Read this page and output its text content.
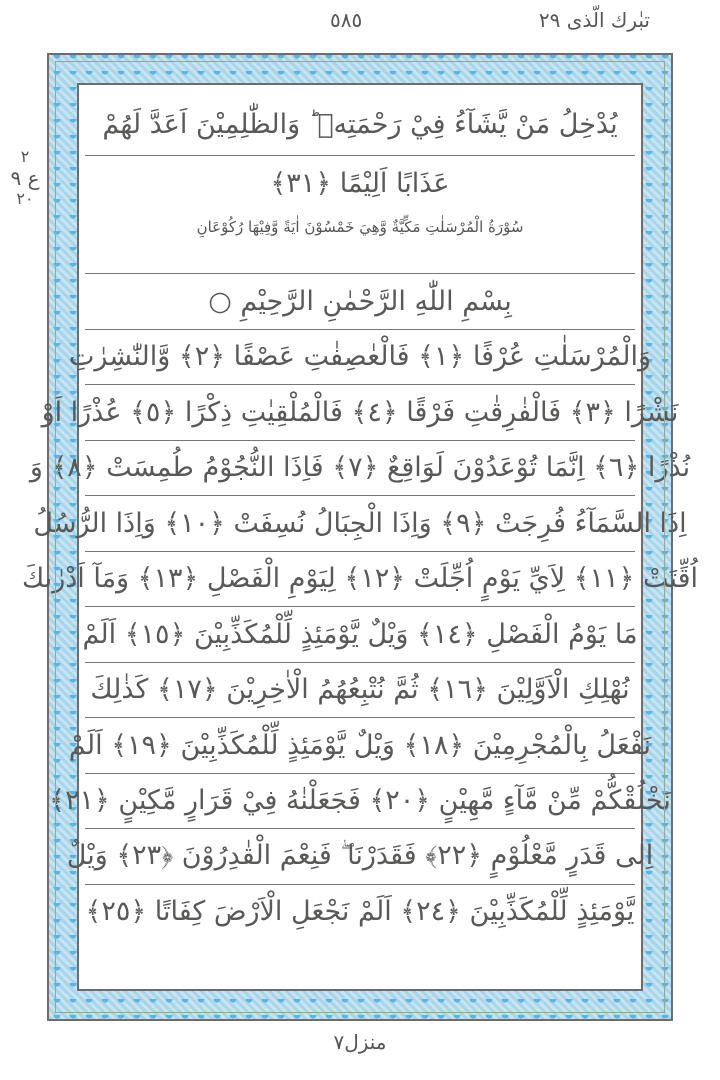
تبٰرك الّذى ٢٩
٥٨٥
٢
ع ٩
٢٠
يُدْخِلُ مَنْ يَّشَآءُ فِيْ رَحْمَتِهٖ ؕ وَالظّٰلِمِيْنَ اَعَدَّ لَهُمْ
عَذَابًا اَلِيْمًا ﴿٣١﴾
سُوْرَةُ الْمُرْسَلٰتِ مَكِّيَّةٌ وَّهِيَ خَمْسُوْنَ اٰيَةً وَّفِيْهَا رُكُوْعَانِ
بِسْمِ اللّٰهِ الرَّحْمٰنِ الرَّحِيْمِ ○
وَالْمُرْسَلٰتِ عُرْفًا ﴿١﴾ فَالْعٰصِفٰتِ عَصْفًا ﴿٢﴾ وَّالنّٰشِرٰتِ
نَشْرًا ﴿٣﴾ فَالْفٰرِقٰتِ فَرْقًا ﴿٤﴾ فَالْمُلْقِيٰتِ ذِكْرًا ﴿٥﴾ عُذْرًا اَوْ
نُذْرًا ﴿٦﴾ اِنَّمَا تُوْعَدُوْنَ لَوَاقِعٌ ﴿٧﴾ فَاِذَا النُّجُوْمُ طُمِسَتْ ﴿٨﴾ وَ
اِذَا السَّمَآءُ فُرِجَتْ ﴿٩﴾ وَاِذَا الْجِبَالُ نُسِفَتْ ﴿١٠﴾ وَاِذَا الرُّسُلُ
اُقِّتَتْ ﴿١١﴾ لِاَيِّ يَوْمٍ اُجِّلَتْ ﴿١٢﴾ لِيَوْمِ الْفَصْلِ ﴿١٣﴾ وَمَآ اَدْرٰىكَ
مَا يَوْمُ الْفَصْلِ ﴿١٤﴾ وَيْلٌ يَّوْمَئِذٍ لِّلْمُكَذِّبِيْنَ ﴿١٥﴾ اَلَمْ
نُهْلِكِ الْاَوَّلِيْنَ ﴿١٦﴾ ثُمَّ نُتْبِعُهُمُ الْاٰخِرِيْنَ ﴿١٧﴾ كَذٰلِكَ
نَفْعَلُ بِالْمُجْرِمِيْنَ ﴿١٨﴾ وَيْلٌ يَّوْمَئِذٍ لِّلْمُكَذِّبِيْنَ ﴿١٩﴾ اَلَمْ
نَخْلُقْكُّمْ مِّنْ مَّآءٍ مَّهِيْنٍ ﴿٢٠﴾ فَجَعَلْنٰهُ فِيْ قَرَارٍ مَّكِيْنٍ ﴿٢١﴾
اِلٰى قَدَرٍ مَّعْلُوْمٍ ﴿٢٢﴾ فَقَدَرْنَا ۖ فَنِعْمَ الْقٰدِرُوْنَ ﴿٢٣﴾ وَيْلٌ
يَّوْمَئِذٍ لِّلْمُكَذِّبِيْنَ ﴿٢٤﴾ اَلَمْ نَجْعَلِ الْاَرْضَ كِفَاتًا ﴿٢٥﴾
منزل٧
